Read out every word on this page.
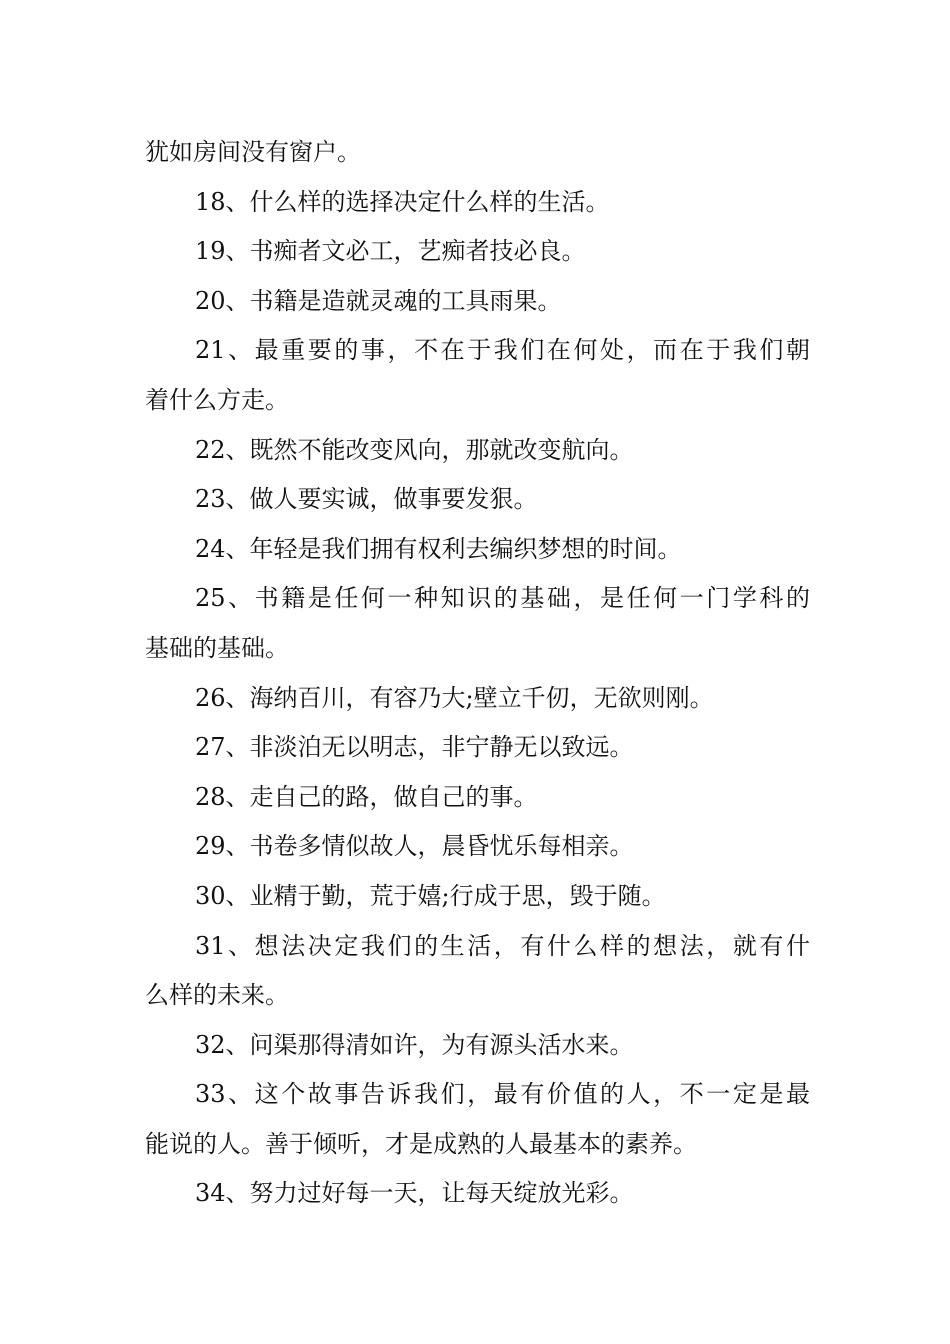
犹如房间没有窗户。
18、什么样的选择决定什么样的生活。
19、书痴者文必工，艺痴者技必良。
20、书籍是造就灵魂的工具雨果。
21、最重要的事，不在于我们在何处，而在于我们朝
着什么方走。
22、既然不能改变风向，那就改变航向。
23、做人要实诚，做事要发狠。
24、年轻是我们拥有权利去编织梦想的时间。
25、书籍是任何一种知识的基础，是任何一门学科的
基础的基础。
26、海纳百川，有容乃大;壁立千仞，无欲则刚。
27、非淡泊无以明志，非宁静无以致远。
28、走自己的路，做自己的事。
29、书卷多情似故人，晨昏忧乐每相亲。
30、业精于勤，荒于嬉;行成于思，毁于随。
31、想法决定我们的生活，有什么样的想法，就有什
么样的未来。
32、问渠那得清如许，为有源头活水来。
33、这个故事告诉我们，最有价值的人，不一定是最
能说的人。善于倾听，才是成熟的人最基本的素养。
34、努力过好每一天，让每天绽放光彩。
